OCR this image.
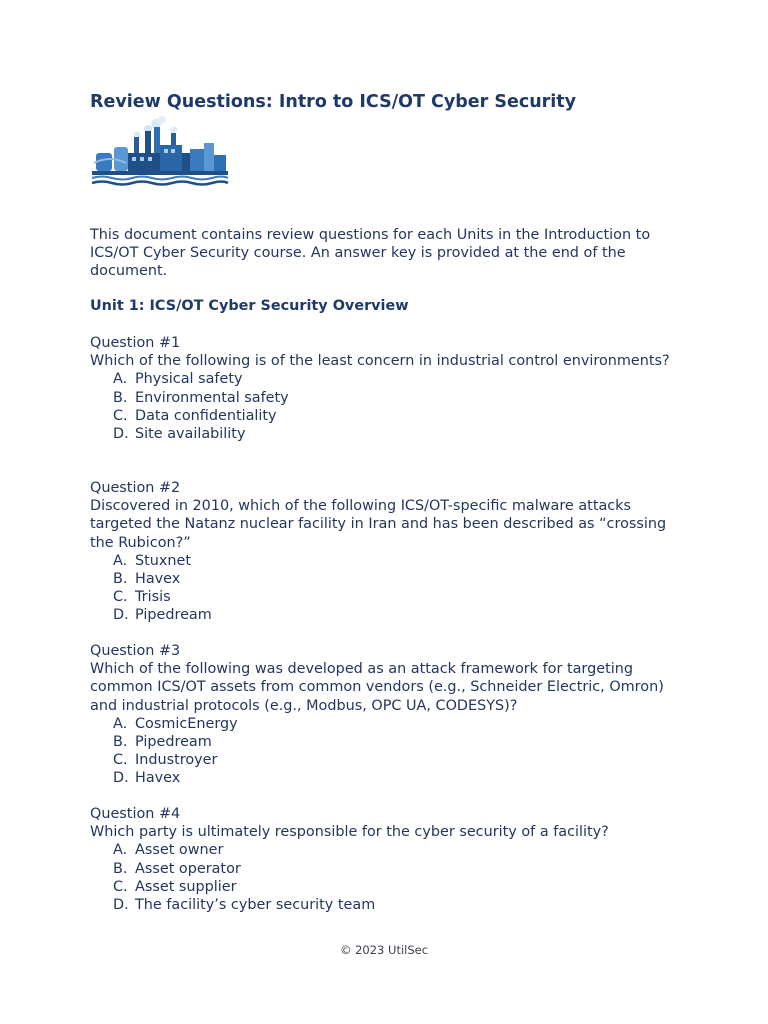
Review Questions: Intro to ICS/OT Cyber Security

This document contains review questions for each Units in the Introduction to ICS/OT Cyber Security course. An answer key is provided at the end of the document.

Unit 1: ICS/OT Cyber Security Overview

Question #1

Which of the following is of the least concern in industrial control environments?

A. Physical safety
B. Environmental safety
C. Data confidentiality
D. Site availability

Question #2

Discovered in 2010, which of the following ICS/OT-specific malware attacks targeted the Natanz nuclear facility in Iran and has been described as “crossing the Rubicon?”

A. Stuxnet
B. Havex
C. Trisis
D. Pipedream

Question #3

Which of the following was developed as an attack framework for targeting common ICS/OT assets from common vendors (e.g., Schneider Electric, Omron) and industrial protocols (e.g., Modbus, OPC UA, CODESYS)?

A. CosmicEnergy
B. Pipedream
C. Industroyer
D. Havex

Question #4

Which party is ultimately responsible for the cyber security of a facility?

A. Asset owner
B. Asset operator
C. Asset supplier
D. The facility’s cyber security team
© 2023 UtilSec
